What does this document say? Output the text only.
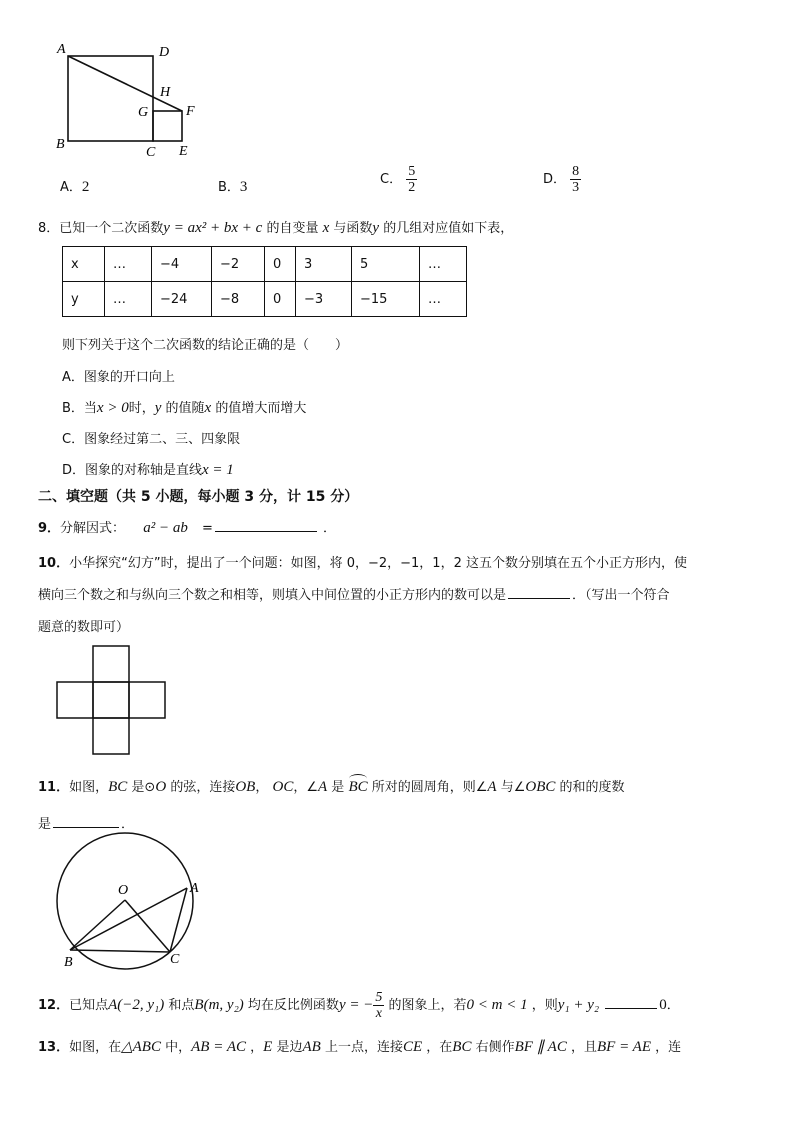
A	D
H
G	F
B
C E
A．2	B．3	C． $\frac{5}{2}$	D． $\frac{8}{3}$
8．已知一个二次函数y = ax² + bx + c 的自变量 x 与函数y 的几组对应值如下表，
x	…	−4	−2	0	3	5	…
y	…	−24	−8	0	−3	−15	…
则下列关于这个二次函数的结论正确的是（　　）
A．图象的开口向上
B．当x > 0时，y 的值随x 的值增大而增大
C．图象经过第二、三、四象限
D．图象的对称轴是直线x = 1
二、填空题（共 5 小题，每小题 3 分，计 15 分）
9．分解因式： a² − ab =	．
10．小华探究“幻方”时，提出了一个问题：如图，将 0，−2，−1，1，2 这五个数分别填在五个小正方形内，使
横向三个数之和与纵向三个数之和相等，则填入中间位置的小正方形内的数可以是	．（写出一个符合
题意的数即可）
11．如图，BC 是⊙O 的弦，连接OB， OC，∠A 是 BC 所对的圆周角，则∠A 与∠OBC 的和的度数
是	．
O	A
B	C
12．已知点A(−2, y₁) 和点B(m, y₂) 均在反比例函数y = − $\frac{5}{x}$ 的图象上，若0 < m < 1 ，则y₁ + y₂	0．
13．如图，在△ABC 中，AB = AC ，E 是边AB 上一点，连接CE ，在BC 右侧作BF ∥ AC ，且BF = AE ，连
